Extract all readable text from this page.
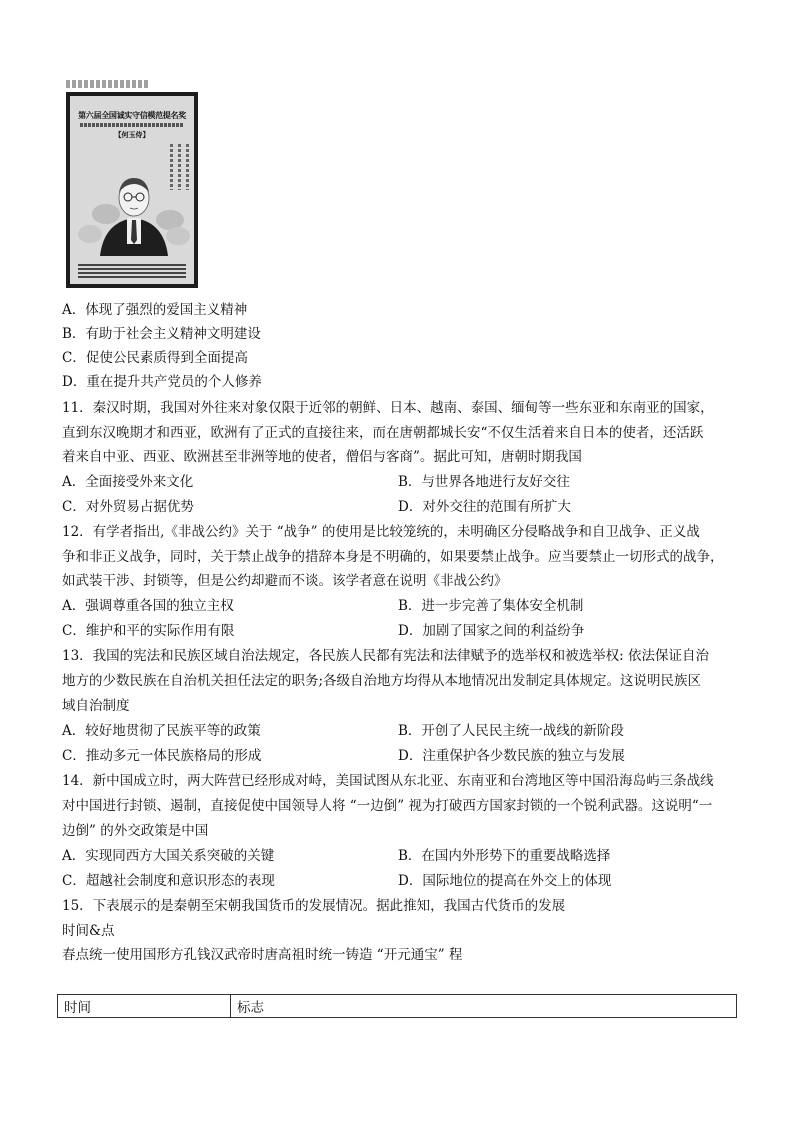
第六届全国诚实守信模范提名奖
【何玉侍】
A．体现了强烈的爱国主义精神
B．有助于社会主义精神文明建设
C．促使公民素质得到全面提高
D．重在提升共产党员的个人修养
11．秦汉时期，我国对外往来对象仅限于近邻的朝鲜、日本、越南、泰国、缅甸等一些东亚和东南亚的国家，
直到东汉晚期才和西亚，欧洲有了正式的直接往来，而在唐朝都城长安“不仅生活着来自日本的使者，还活跃
着来自中亚、西亚、欧洲甚至非洲等地的使者，僧侣与客商”。据此可知，唐朝时期我国
A．全面接受外来文化	B．与世界各地进行友好交往
C．对外贸易占据优势	D．对外交往的范围有所扩大
12．有学者指出,《非战公约》关于 “战争” 的使用是比较笼统的，未明确区分侵略战争和自卫战争、正义战
争和非正义战争，同时，关于禁止战争的措辞本身是不明确的，如果要禁止战争。应当要禁止一切形式的战争，
如武装干涉、封锁等，但是公约却避而不谈。该学者意在说明《非战公约》
A．强调尊重各国的独立主权	B．进一步完善了集体安全机制
C．维护和平的实际作用有限	D．加剧了国家之间的利益纷争
13．我国的宪法和民族区域自治法规定，各民族人民都有宪法和法律赋予的选举权和被选举权: 依法保证自治
地方的少数民族在自治机关担任法定的职务;各级自治地方均得从本地情况出发制定具体规定。这说明民族区
域自治制度
A．较好地贯彻了民族平等的政策	B．开创了人民民主统一战线的新阶段
C．推动多元一体民族格局的形成	D．注重保护各少数民族的独立与发展
14．新中国成立时，两大阵营已经形成对峙，美国试图从东北亚、东南亚和台湾地区等中国沿海岛屿三条战线
对中国进行封锁、遏制，直接促使中国领导人将 “一边倒” 视为打破西方国家封锁的一个锐利武器。这说明“一
边倒” 的外交政策是中国
A．实现同西方大国关系突破的关键	B．在国内外形势下的重要战略选择
C．超越社会制度和意识形态的表现	D．国际地位的提高在外交上的体现
15．下表展示的是秦朝至宋朝我国货币的发展情况。据此推知，我国古代货币的发展
时间&点
春点统一使用国形方孔钱汉武帝时唐高祖时统一铸造 “开元通宝” 程
时间	标志
